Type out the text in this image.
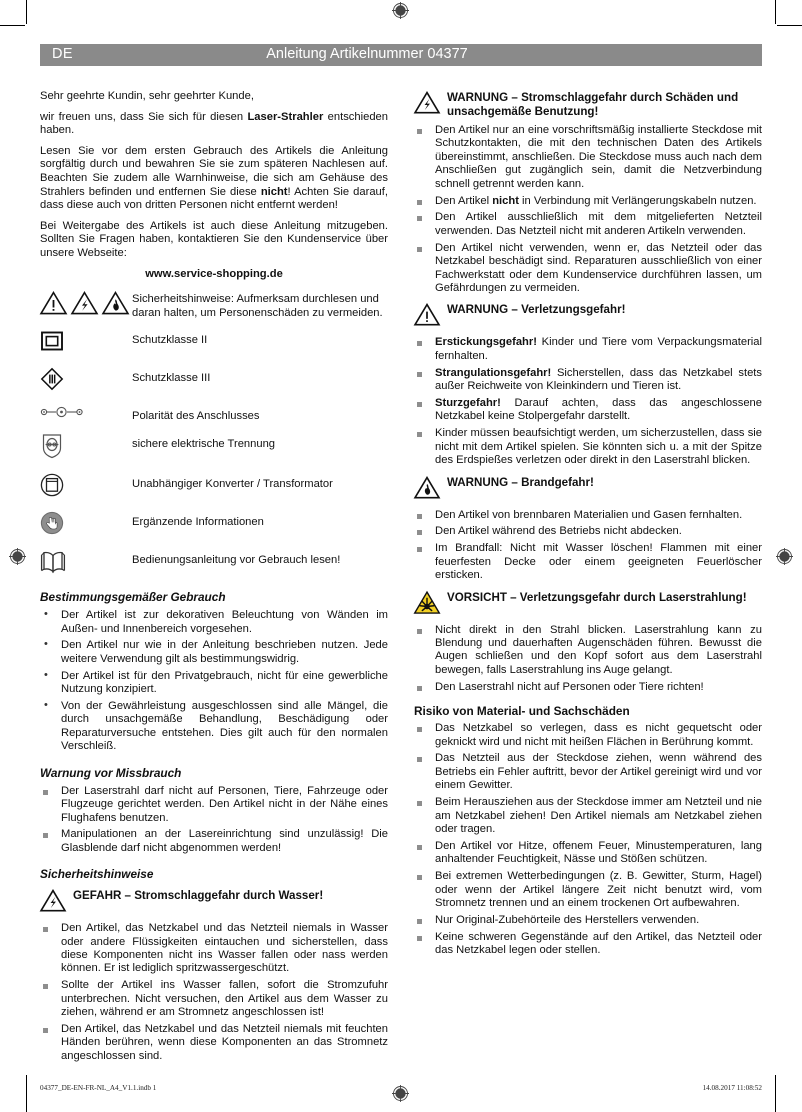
DE	Anleitung Artikelnummer 04377

Sehr geehrte Kundin, sehr geehrter Kunde,

wir freuen uns, dass Sie sich für diesen Laser-Strahler entschieden haben.

Lesen Sie vor dem ersten Gebrauch des Artikels die Anleitung sorgfältig durch und bewahren Sie sie zum späteren Nachlesen auf. Beachten Sie zudem alle Warnhinweise, die sich am Gehäuse des Strahlers befinden und entfernen Sie diese nicht! Achten Sie darauf, dass diese auch von dritten Personen nicht entfernt werden!

Bei Weitergabe des Artikels ist auch diese Anleitung mitzugeben. Sollten Sie Fragen haben, kontaktieren Sie den Kundenservice über unsere Webseite:

www.service-shopping.de

Sicherheitshinweise: Aufmerksam durchlesen und daran halten, um Personenschäden zu vermeiden.
Schutzklasse II
Schutzklasse III
Polarität des Anschlusses
sichere elektrische Trennung
Unabhängiger Konverter / Transformator
Ergänzende Informationen
Bedienungsanleitung vor Gebrauch lesen!
Bestimmungsgemäßer Gebrauch
• Der Artikel ist zur dekorativen Beleuchtung von Wänden im Außen- und Innenbereich vorgesehen.
• Den Artikel nur wie in der Anleitung beschrieben nutzen. Jede weitere Verwendung gilt als bestimmungswidrig.
• Der Artikel ist für den Privatgebrauch, nicht für eine gewerbliche Nutzung konzipiert.
• Von der Gewährleistung ausgeschlossen sind alle Mängel, die durch unsachgemäße Behandlung, Beschädigung oder Reparaturversuche entstehen. Dies gilt auch für den normalen Verschleiß.
Warnung vor Missbrauch
Der Laserstrahl darf nicht auf Personen, Tiere, Fahrzeuge oder Flugzeuge gerichtet werden. Den Artikel nicht in der Nähe eines Flughafens benutzen.
Manipulationen an der Lasereinrichtung sind unzulässig! Die Glasblende darf nicht abgenommen werden!
Sicherheitshinweise
GEFAHR – Stromschlaggefahr durch Wasser!
Den Artikel, das Netzkabel und das Netzteil niemals in Wasser oder andere Flüssigkeiten eintauchen und sicherstellen, dass diese Komponenten nicht ins Wasser fallen oder nass werden können. Er ist lediglich spritzwassergeschützt.
Sollte der Artikel ins Wasser fallen, sofort die Stromzufuhr unterbrechen. Nicht versuchen, den Artikel aus dem Wasser zu ziehen, während er am Stromnetz angeschlossen ist!
Den Artikel, das Netzkabel und das Netzteil niemals mit feuchten Händen berühren, wenn diese Komponenten an das Stromnetz angeschlossen sind.
WARNUNG – Stromschlaggefahr durch Schäden und unsachgemäße Benutzung!
Den Artikel nur an eine vorschriftsmäßig installierte Steckdose mit Schutzkontakten, die mit den technischen Daten des Artikels übereinstimmt, anschließen. Die Steckdose muss auch nach dem Anschließen gut zugänglich sein, damit die Netzverbindung schnell getrennt werden kann.
Den Artikel nicht in Verbindung mit Verlängerungskabeln nutzen.
Den Artikel ausschließlich mit dem mitgelieferten Netzteil verwenden. Das Netzteil nicht mit anderen Artikeln verwenden.
Den Artikel nicht verwenden, wenn er, das Netzteil oder das Netzkabel beschädigt sind. Reparaturen ausschließlich von einer Fachwerkstatt oder dem Kundenservice durchführen lassen, um Gefährdungen zu vermeiden.
WARNUNG – Verletzungsgefahr!
Erstickungsgefahr! Kinder und Tiere vom Verpackungsmaterial fernhalten.
Strangulationsgefahr! Sicherstellen, dass das Netzkabel stets außer Reichweite von Kleinkindern und Tieren ist.
Sturzgefahr! Darauf achten, dass das angeschlossene Netzkabel keine Stolpergefahr darstellt.
Kinder müssen beaufsichtigt werden, um sicherzustellen, dass sie nicht mit dem Artikel spielen. Sie könnten sich u. a mit der Spitze des Erdspießes verletzen oder direkt in den Laserstrahl blicken.
WARNUNG – Brandgefahr!
Den Artikel von brennbaren Materialien und Gasen fernhalten.
Den Artikel während des Betriebs nicht abdecken.
Im Brandfall: Nicht mit Wasser löschen! Flammen mit einer feuerfesten Decke oder einem geeigneten Feuerlöscher ersticken.
VORSICHT – Verletzungsgefahr durch Laserstrahlung!
Nicht direkt in den Strahl blicken. Laserstrahlung kann zu Blendung und dauerhaften Augenschäden führen. Bewusst die Augen schließen und den Kopf sofort aus dem Laserstrahl bewegen, falls Laserstrahlung ins Auge gelangt.
Den Laserstrahl nicht auf Personen oder Tiere richten!
Risiko von Material- und Sachschäden
Das Netzkabel so verlegen, dass es nicht gequetscht oder geknickt wird und nicht mit heißen Flächen in Berührung kommt.
Das Netzteil aus der Steckdose ziehen, wenn während des Betriebs ein Fehler auftritt, bevor der Artikel gereinigt wird und vor einem Gewitter.
Beim Herausziehen aus der Steckdose immer am Netzteil und nie am Netzkabel ziehen! Den Artikel niemals am Netzkabel ziehen oder tragen.
Den Artikel vor Hitze, offenem Feuer, Minustemperaturen, lang anhaltender Feuchtigkeit, Nässe und Stößen schützen.
Bei extremen Wetterbedingungen (z. B. Gewitter, Sturm, Hagel) oder wenn der Artikel längere Zeit nicht benutzt wird, vom Stromnetz trennen und an einem trockenen Ort aufbewahren.
Nur Original-Zubehörteile des Herstellers verwenden.
Keine schweren Gegenstände auf den Artikel, das Netzteil oder das Netzkabel legen oder stellen.
04377_DE-EN-FR-NL_A4_V1.1.indb 1	14.08.2017 11:08:52
